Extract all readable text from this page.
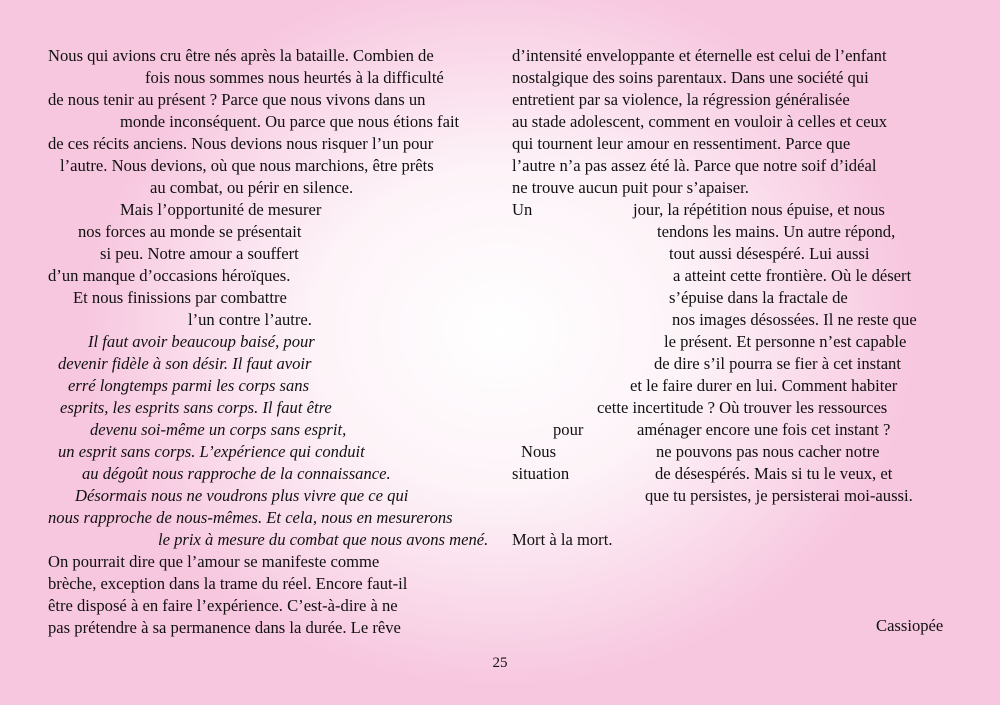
Nous qui avions cru être nés après la bataille. Combien de
fois nous sommes nous heurtés à la difficulté
de nous tenir au présent ? Parce que nous vivons dans un
monde inconséquent. Ou parce que nous étions fait
de ces récits anciens. Nous devions nous risquer l’un pour
l’autre. Nous devions, où que nous marchions, être prêts
au combat, ou périr en silence.
Mais l’opportunité de mesurer
nos forces au monde se présentait
si peu. Notre amour a souffert
d’un manque d’occasions héroïques.
Et nous finissions par combattre
l’un contre l’autre.
Il faut avoir beaucoup baisé, pour
devenir fidèle à son désir. Il faut avoir
erré longtemps parmi les corps sans
esprits, les esprits sans corps. Il faut être
devenu soi-même un corps sans esprit,
un esprit sans corps. L’expérience qui conduit
au dégoût nous rapproche de la connaissance.
Désormais nous ne voudrons plus vivre que ce qui
nous rapproche de nous-mêmes. Et cela, nous en mesurerons
le prix à mesure du combat que nous avons mené.
On pourrait dire que l’amour se manifeste comme
brèche, exception dans la trame du réel. Encore faut-il
être disposé à en faire l’expérience. C’est-à-dire à ne
pas prétendre à sa permanence dans la durée. Le rêve
d’intensité enveloppante et éternelle est celui de l’enfant
nostalgique des soins parentaux. Dans une société qui
entretient par sa violence, la régression généralisée
au stade adolescent, comment en vouloir à celles et ceux
qui tournent leur amour en ressentiment. Parce que
l’autre n’a pas assez été là. Parce que notre soif d’idéal
ne trouve aucun puit pour s’apaiser.
Un	jour, la répétition nous épuise, et nous
tendons les mains. Un autre répond,
tout aussi désespéré. Lui aussi
a atteint cette frontière. Où le désert
s’épuise dans la fractale de
nos images désossées. Il ne reste que
le présent. Et personne n’est capable
de dire s’il pourra se fier à cet instant
et le faire durer en lui. Comment habiter
cette incertitude ? Où trouver les ressources
pour	aménager encore une fois cet instant ?
Nous	ne pouvons pas nous cacher notre
situation	de désespérés. Mais si tu le veux, et
que tu persistes, je persisterai moi-aussi.
Mort à la mort.
Cassiopée
25
